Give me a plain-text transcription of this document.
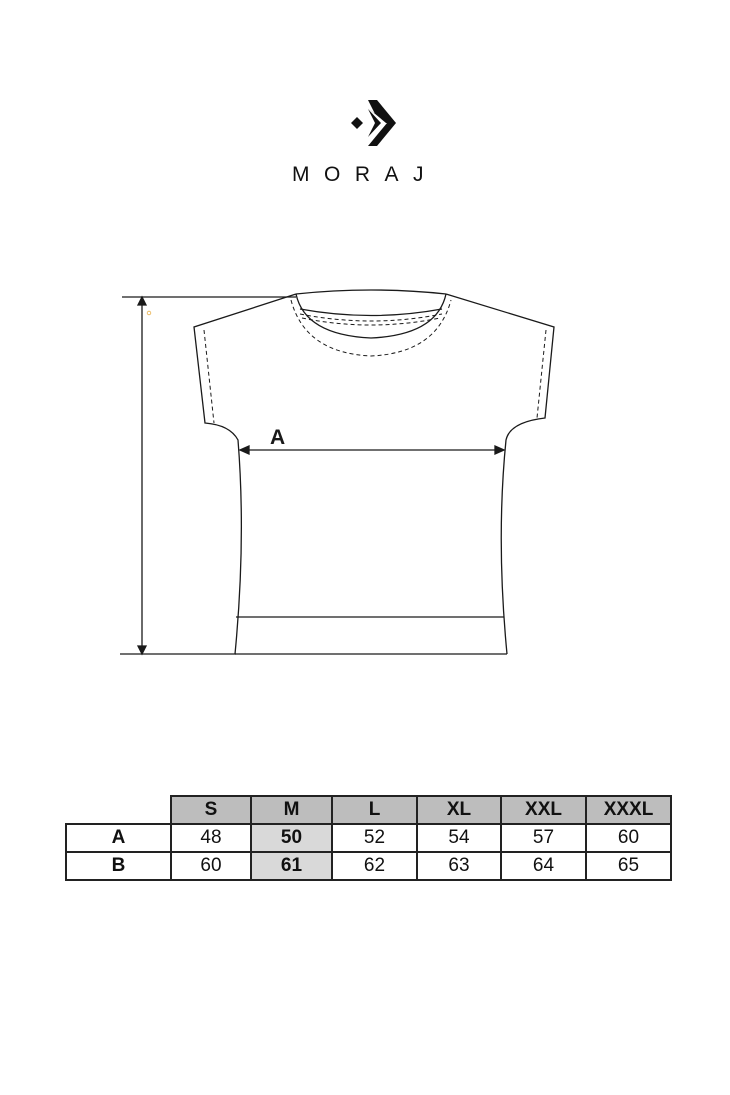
MORAJ
A
	S	M	L	XL	XXL	XXXL
A	48	50	52	54	57	60
B	60	61	62	63	64	65
